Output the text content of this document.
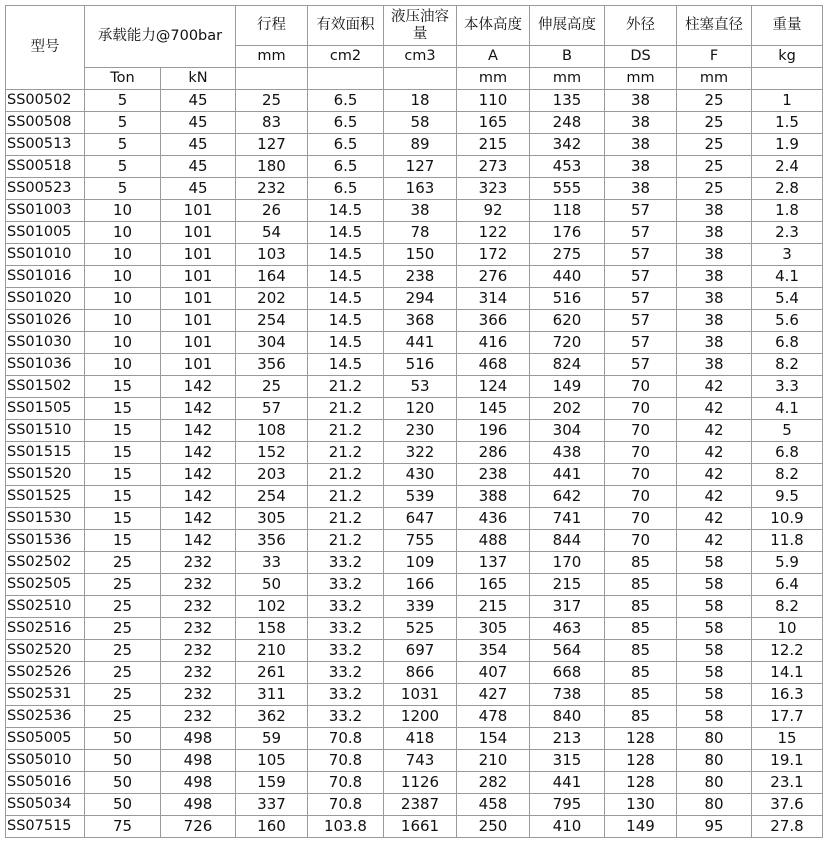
型号	承载能力@700bar		行程	有效面积	液压油容量	本体高度	伸展高度	外径	柱塞直径	重量
			mm	cm2	cm3	A	B	DS	F	kg
	Ton	kN				mm	mm	mm	mm	
SS00502	5	45	25	6.5	18	110	135	38	25	1
SS00508	5	45	83	6.5	58	165	248	38	25	1.5
SS00513	5	45	127	6.5	89	215	342	38	25	1.9
SS00518	5	45	180	6.5	127	273	453	38	25	2.4
SS00523	5	45	232	6.5	163	323	555	38	25	2.8
SS01003	10	101	26	14.5	38	92	118	57	38	1.8
SS01005	10	101	54	14.5	78	122	176	57	38	2.3
SS01010	10	101	103	14.5	150	172	275	57	38	3
SS01016	10	101	164	14.5	238	276	440	57	38	4.1
SS01020	10	101	202	14.5	294	314	516	57	38	5.4
SS01026	10	101	254	14.5	368	366	620	57	38	5.6
SS01030	10	101	304	14.5	441	416	720	57	38	6.8
SS01036	10	101	356	14.5	516	468	824	57	38	8.2
SS01502	15	142	25	21.2	53	124	149	70	42	3.3
SS01505	15	142	57	21.2	120	145	202	70	42	4.1
SS01510	15	142	108	21.2	230	196	304	70	42	5
SS01515	15	142	152	21.2	322	286	438	70	42	6.8
SS01520	15	142	203	21.2	430	238	441	70	42	8.2
SS01525	15	142	254	21.2	539	388	642	70	42	9.5
SS01530	15	142	305	21.2	647	436	741	70	42	10.9
SS01536	15	142	356	21.2	755	488	844	70	42	11.8
SS02502	25	232	33	33.2	109	137	170	85	58	5.9
SS02505	25	232	50	33.2	166	165	215	85	58	6.4
SS02510	25	232	102	33.2	339	215	317	85	58	8.2
SS02516	25	232	158	33.2	525	305	463	85	58	10
SS02520	25	232	210	33.2	697	354	564	85	58	12.2
SS02526	25	232	261	33.2	866	407	668	85	58	14.1
SS02531	25	232	311	33.2	1031	427	738	85	58	16.3
SS02536	25	232	362	33.2	1200	478	840	85	58	17.7
SS05005	50	498	59	70.8	418	154	213	128	80	15
SS05010	50	498	105	70.8	743	210	315	128	80	19.1
SS05016	50	498	159	70.8	1126	282	441	128	80	23.1
SS05034	50	498	337	70.8	2387	458	795	130	80	37.6
SS07515	75	726	160	103.8	1661	250	410	149	95	27.8
